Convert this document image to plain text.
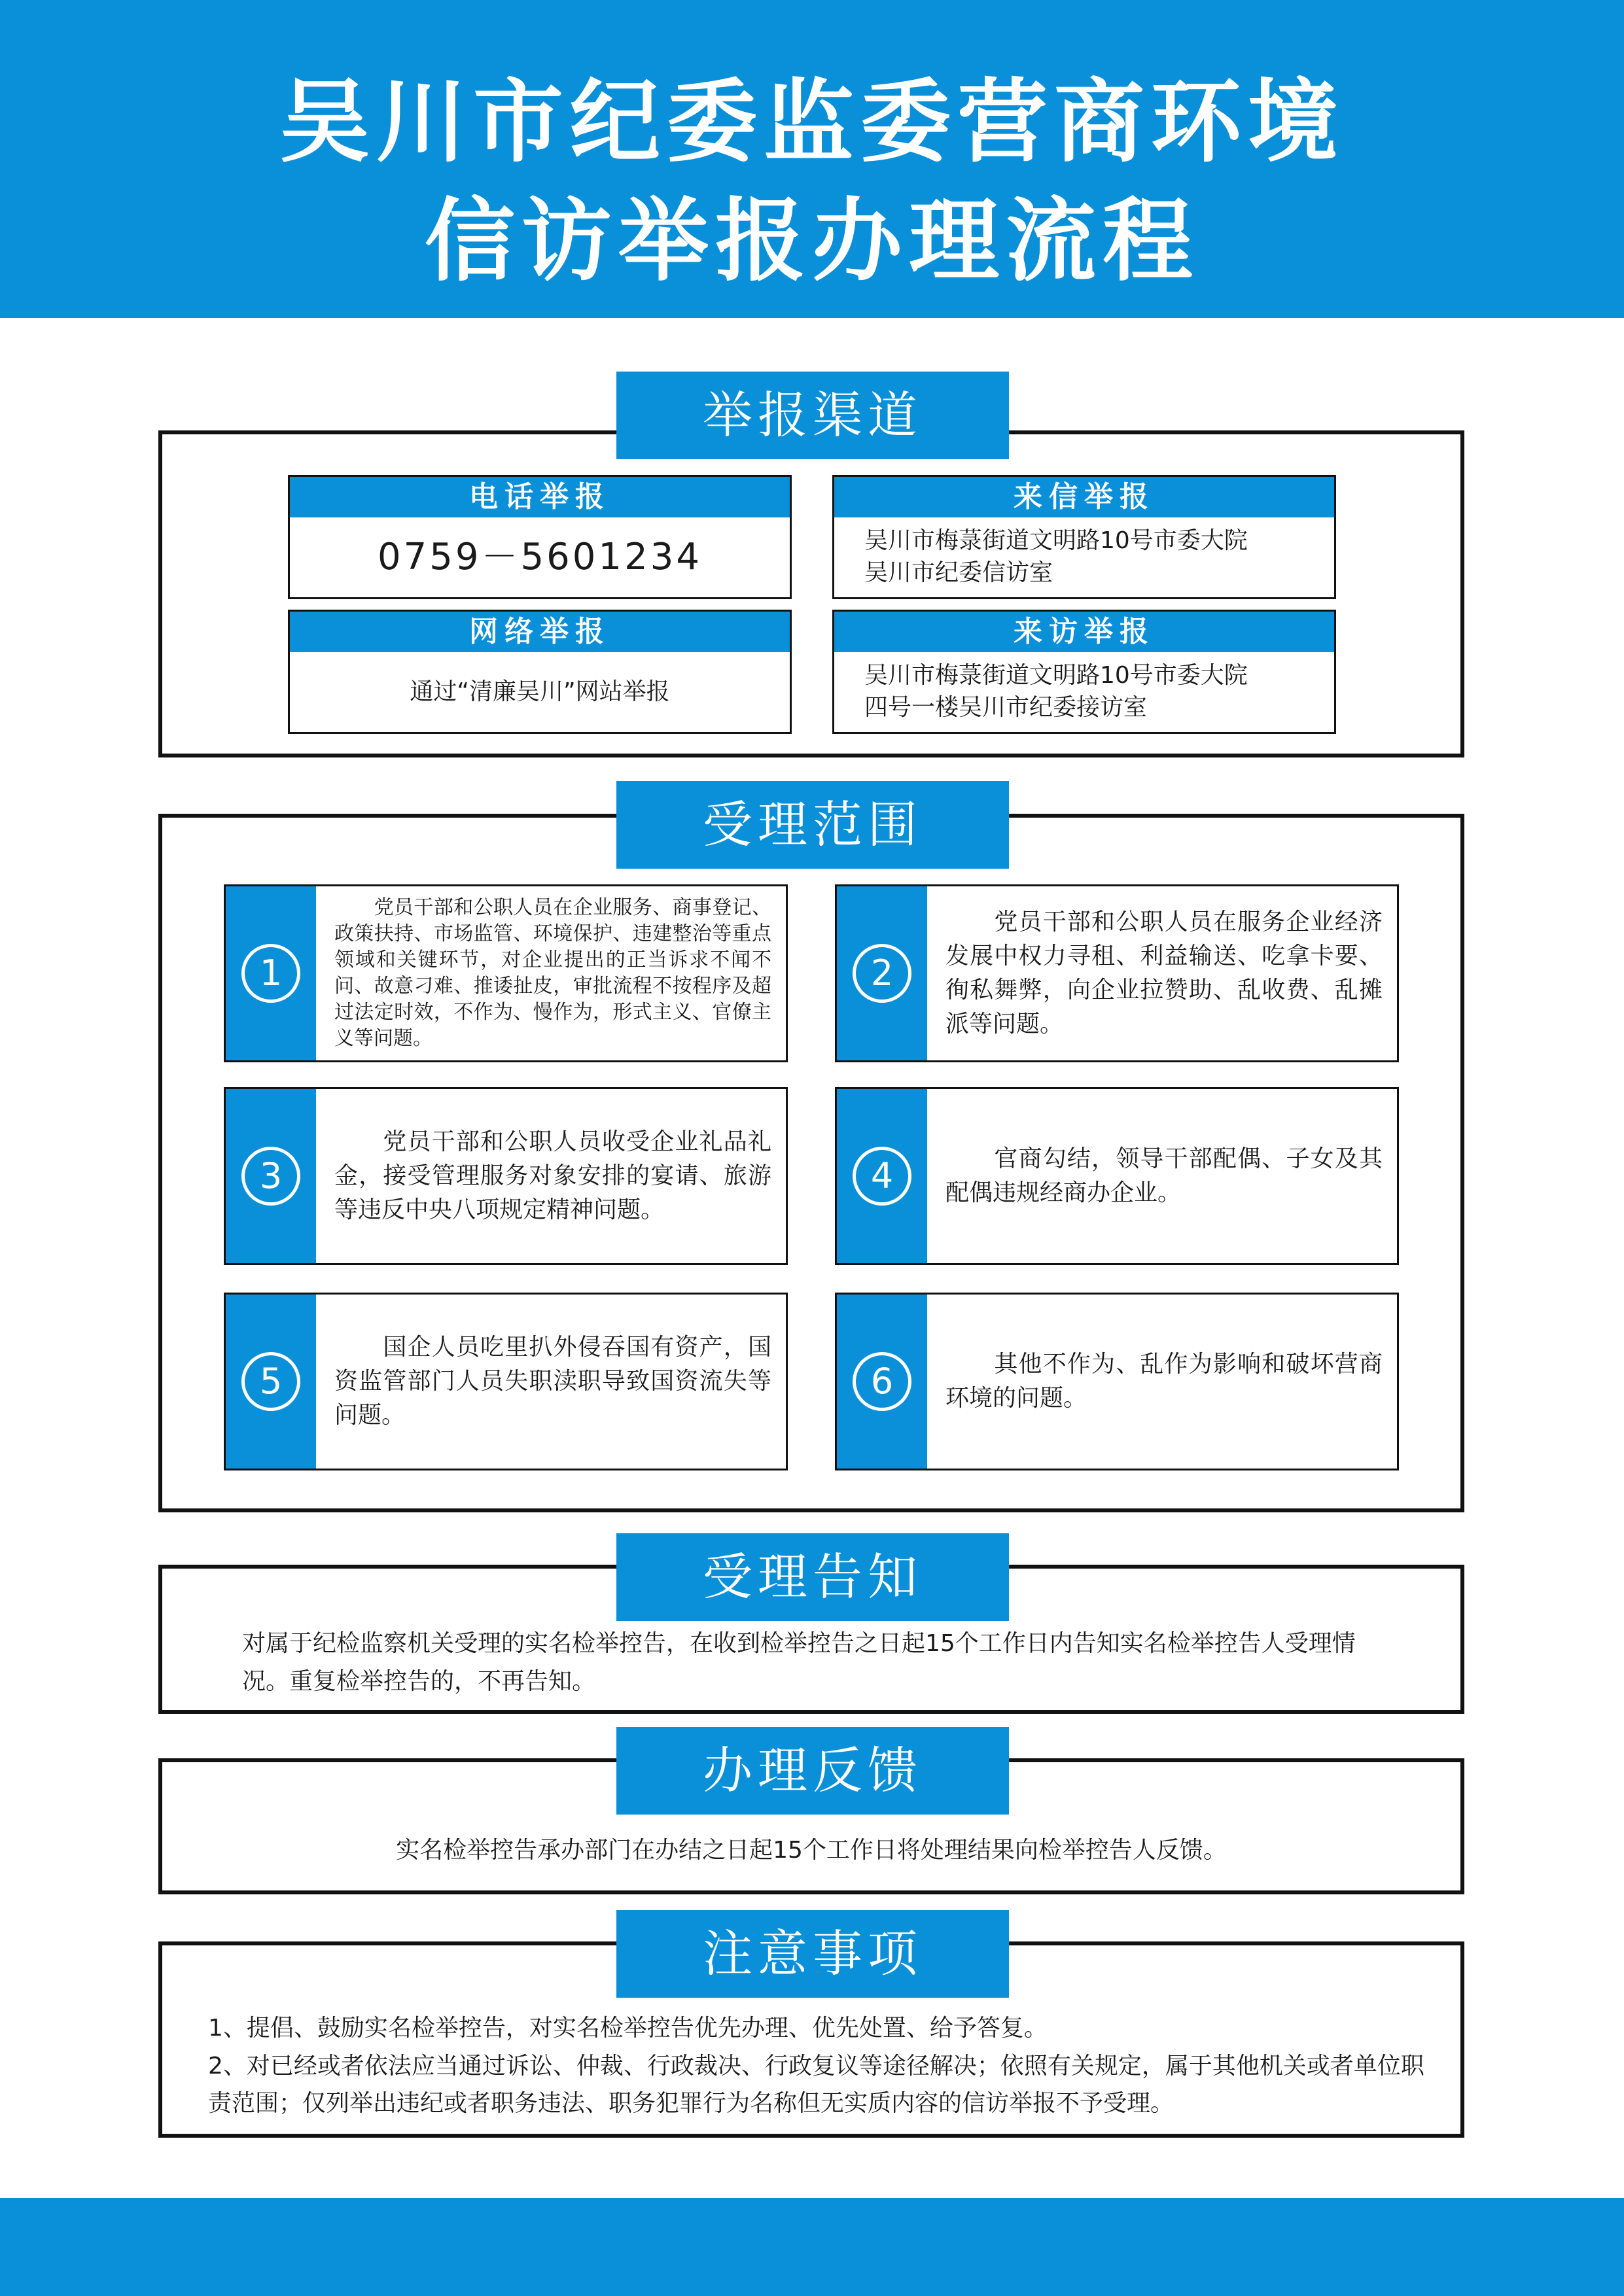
吴川市纪委监委营商环境
信访举报办理流程
举报渠道
电话举报
0759－5601234
来信举报
吴川市梅菉街道文明路10号市委大院
吴川市纪委信访室
网络举报
通过“清廉吴川”网站举报
来访举报
吴川市梅菉街道文明路10号市委大院
四号一楼吴川市纪委接访室
受理范围
1
　　党员干部和公职人员在企业服务、商事登记、政策扶持、市场监管、环境保护、违建整治等重点领域和关键环节，对企业提出的正当诉求不闻不问、故意刁难、推诿扯皮，审批流程不按程序及超过法定时效，不作为、慢作为，形式主义、官僚主义等问题。
2
　　党员干部和公职人员在服务企业经济发展中权力寻租、利益输送、吃拿卡要、徇私舞弊，向企业拉赞助、乱收费、乱摊派等问题。
3
　　党员干部和公职人员收受企业礼品礼金，接受管理服务对象安排的宴请、旅游等违反中央八项规定精神问题。
4	　　官商勾结，领导干部配偶、子女及其配偶违规经商办企业。
5
　　国企人员吃里扒外侵吞国有资产，国资监管部门人员失职渎职导致国资流失等问题。
6	　　其他不作为、乱作为影响和破坏营商环境的问题。
受理告知
对属于纪检监察机关受理的实名检举控告，在收到检举控告之日起15个工作日内告知实名检举控告人受理情况。重复检举控告的，不再告知。
办理反馈
实名检举控告承办部门在办结之日起15个工作日将处理结果向检举控告人反馈。
注意事项
1、提倡、鼓励实名检举控告，对实名检举控告优先办理、优先处置、给予答复。
2、对已经或者依法应当通过诉讼、仲裁、行政裁决、行政复议等途径解决；依照有关规定，属于其他机关或者单位职责范围；仅列举出违纪或者职务违法、职务犯罪行为名称但无实质内容的信访举报不予受理。
